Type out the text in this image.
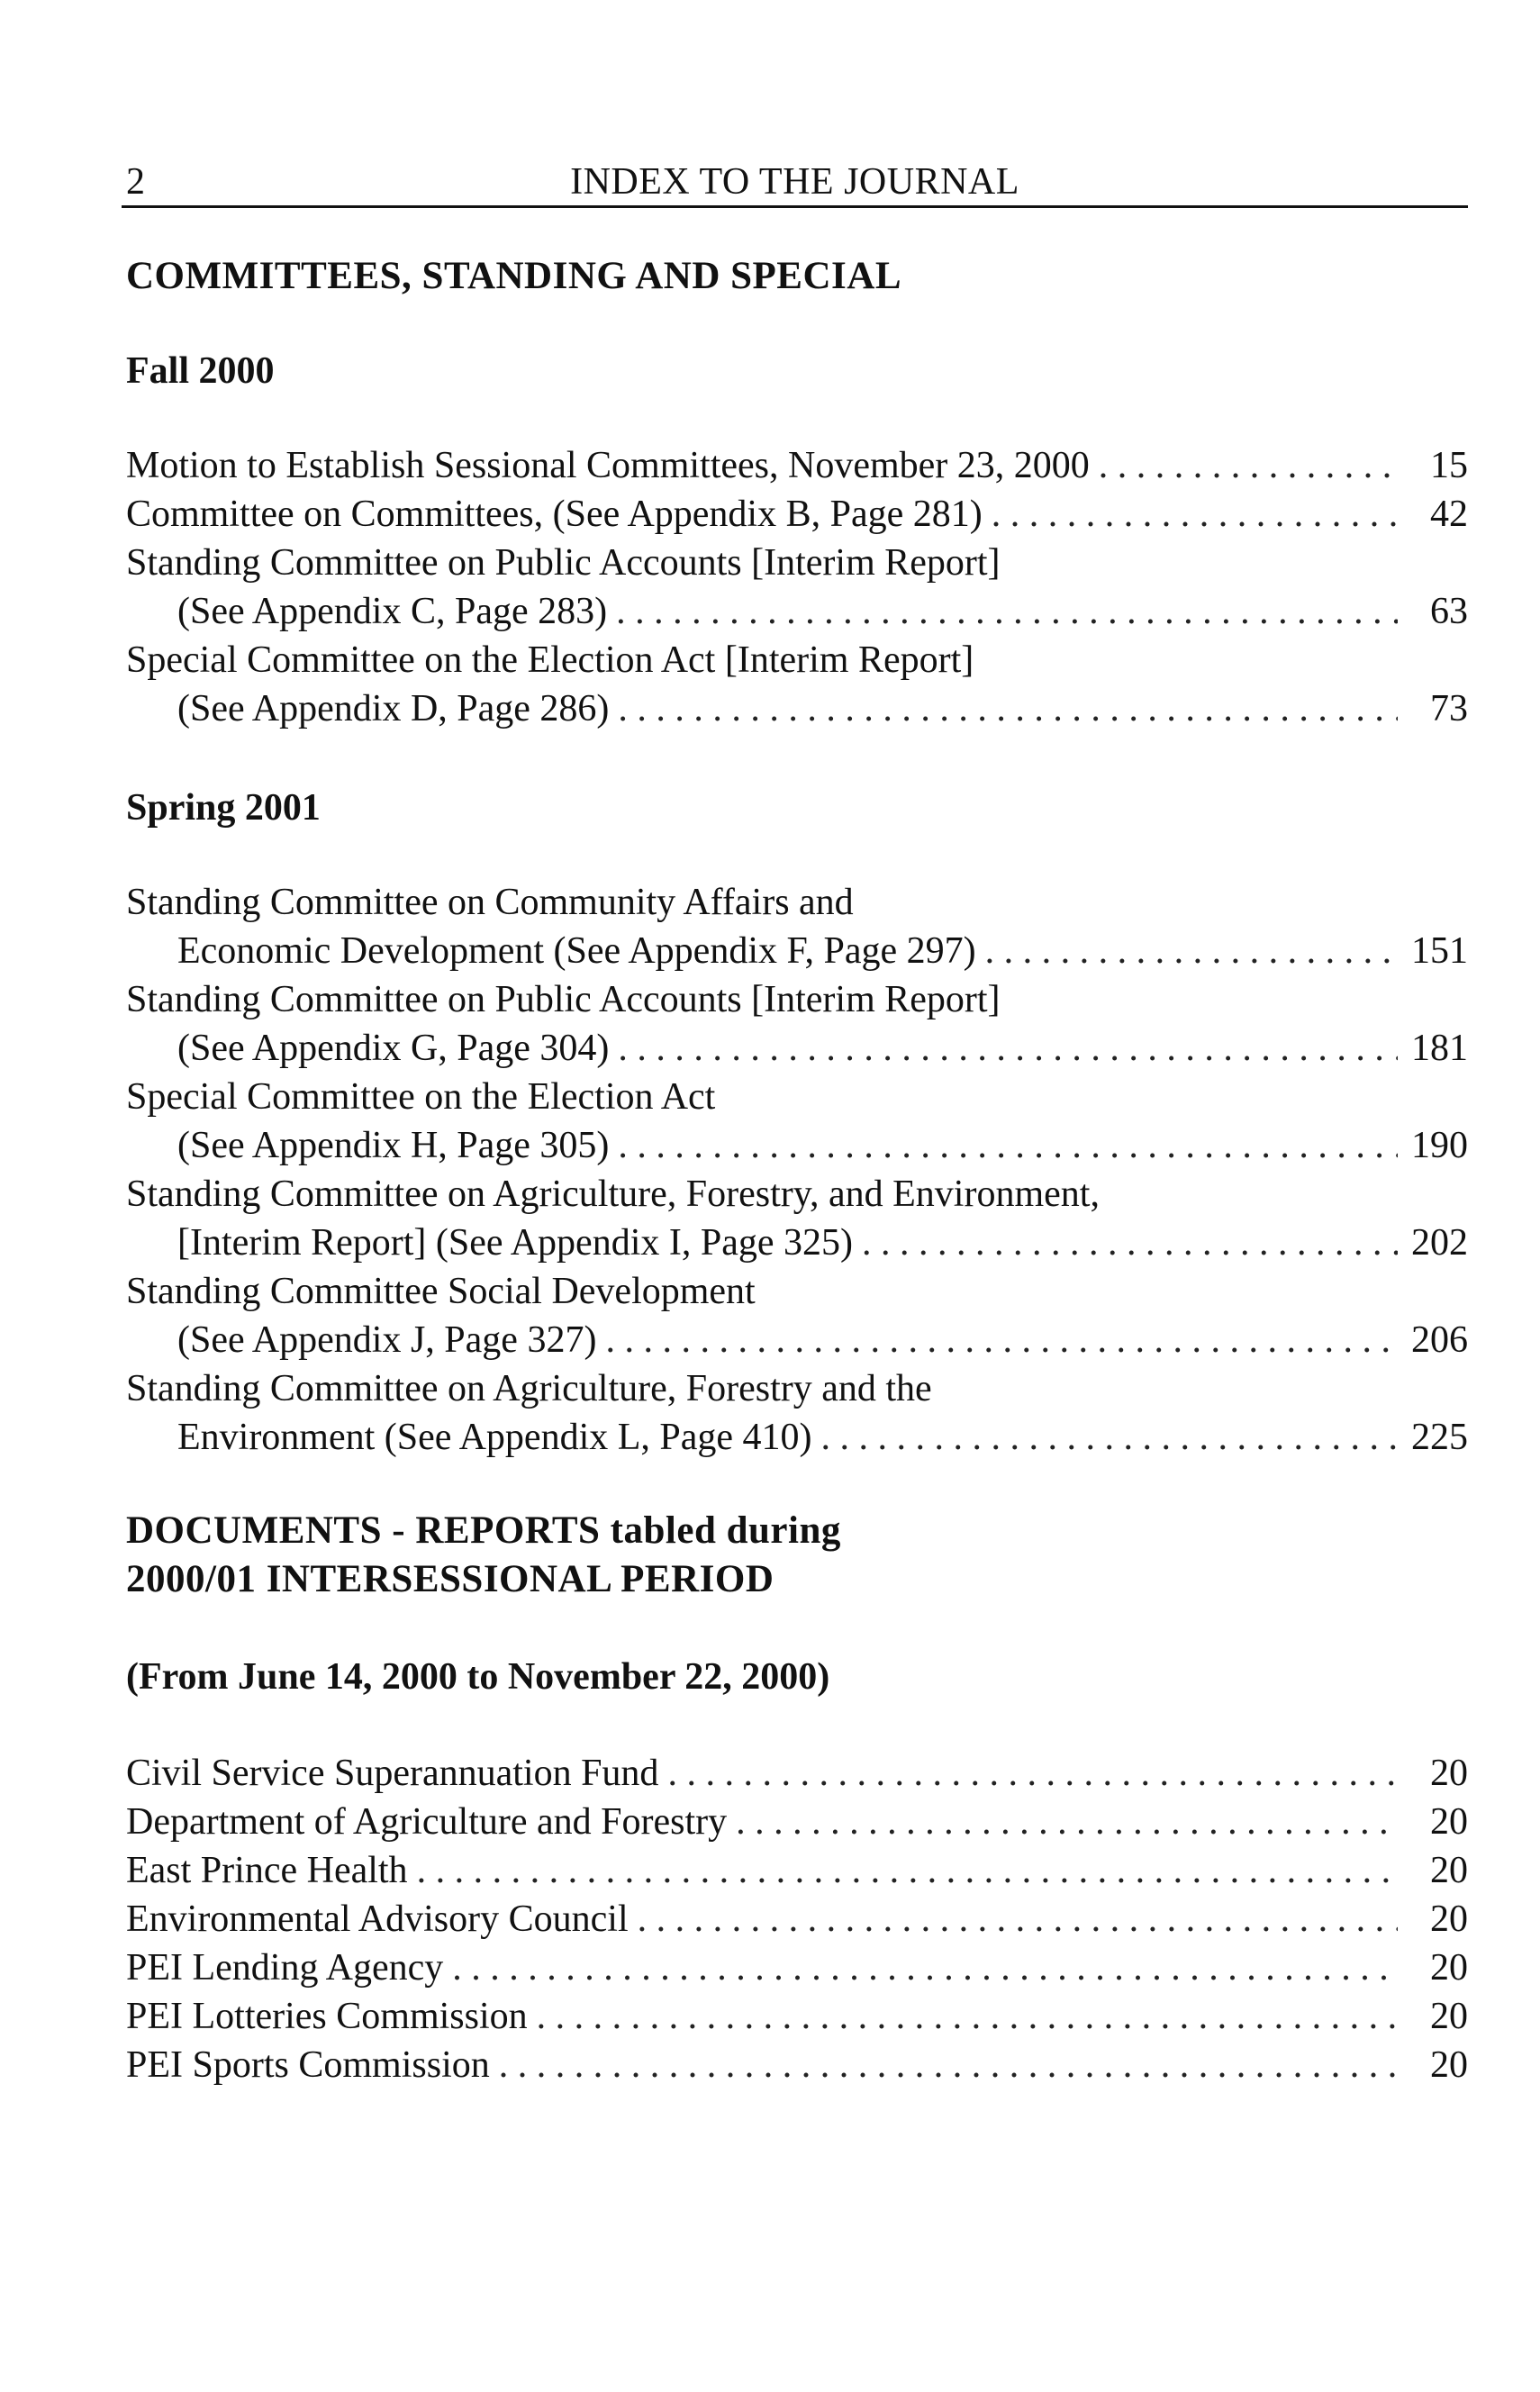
2	INDEX TO THE JOURNAL
COMMITTEES, STANDING AND SPECIAL
Fall 2000
Motion to Establish Sessional Committees, November 23, 2000 . . .	15
Committee on Committees, (See Appendix B, Page 281) . . .	42
Standing Committee on Public Accounts [Interim Report]
(See Appendix C, Page 283) . . .	63
Special Committee on the Election Act [Interim Report]
(See Appendix D, Page 286) . . .	73
Spring 2001
Standing Committee on Community Affairs and
Economic Development (See Appendix F, Page 297) . . .	151
Standing Committee on Public Accounts [Interim Report]
(See Appendix G, Page 304) . . .	181
Special Committee on the Election Act
(See Appendix H, Page 305) . . .	190
Standing Committee on Agriculture, Forestry, and Environment,
[Interim Report] (See Appendix I, Page 325) . . .	202
Standing Committee Social Development
(See Appendix J, Page 327) . . .	206
Standing Committee on Agriculture, Forestry and the
Environment (See Appendix L, Page 410) . . .	225
DOCUMENTS - REPORTS tabled during
2000/01 INTERSESSIONAL PERIOD
(From June 14, 2000 to November 22, 2000)
Civil Service Superannuation Fund . . .	20
Department of Agriculture and Forestry . . .	20
East Prince Health . . .	20
Environmental Advisory Council . . .	20
PEI Lending Agency . . .	20
PEI Lotteries Commission . . .	20
PEI Sports Commission . . .	20
